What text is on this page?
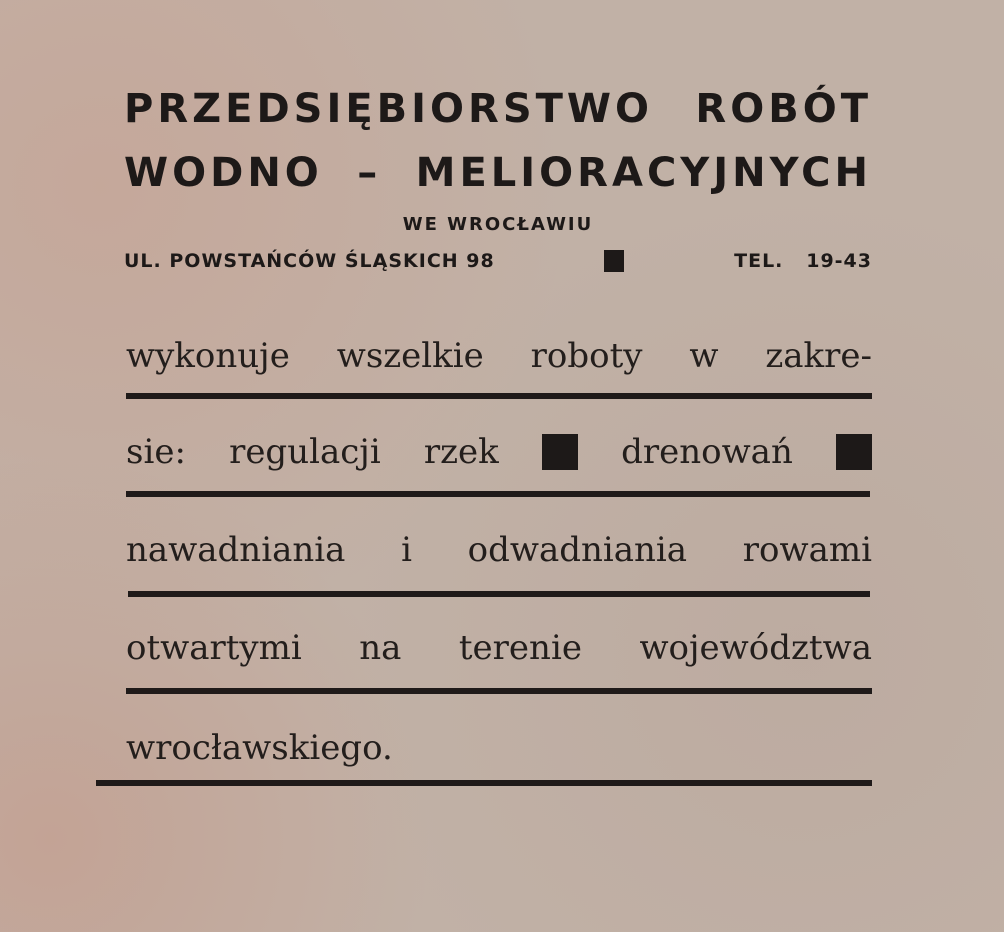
PRZEDSIĘBIORSTWO ROBÓT
WODNO – MELIORACYJNYCH
WE WROCŁAWIU
UL. POWSTAŃCÓW ŚLĄSKICH 98	TEL.   19-43
wykonuje wszelkie roboty w zakre-
sie: regulacji rzek	drenowań
nawadniania i odwadniania rowami
otwartymi na terenie województwa
wrocławskiego.
